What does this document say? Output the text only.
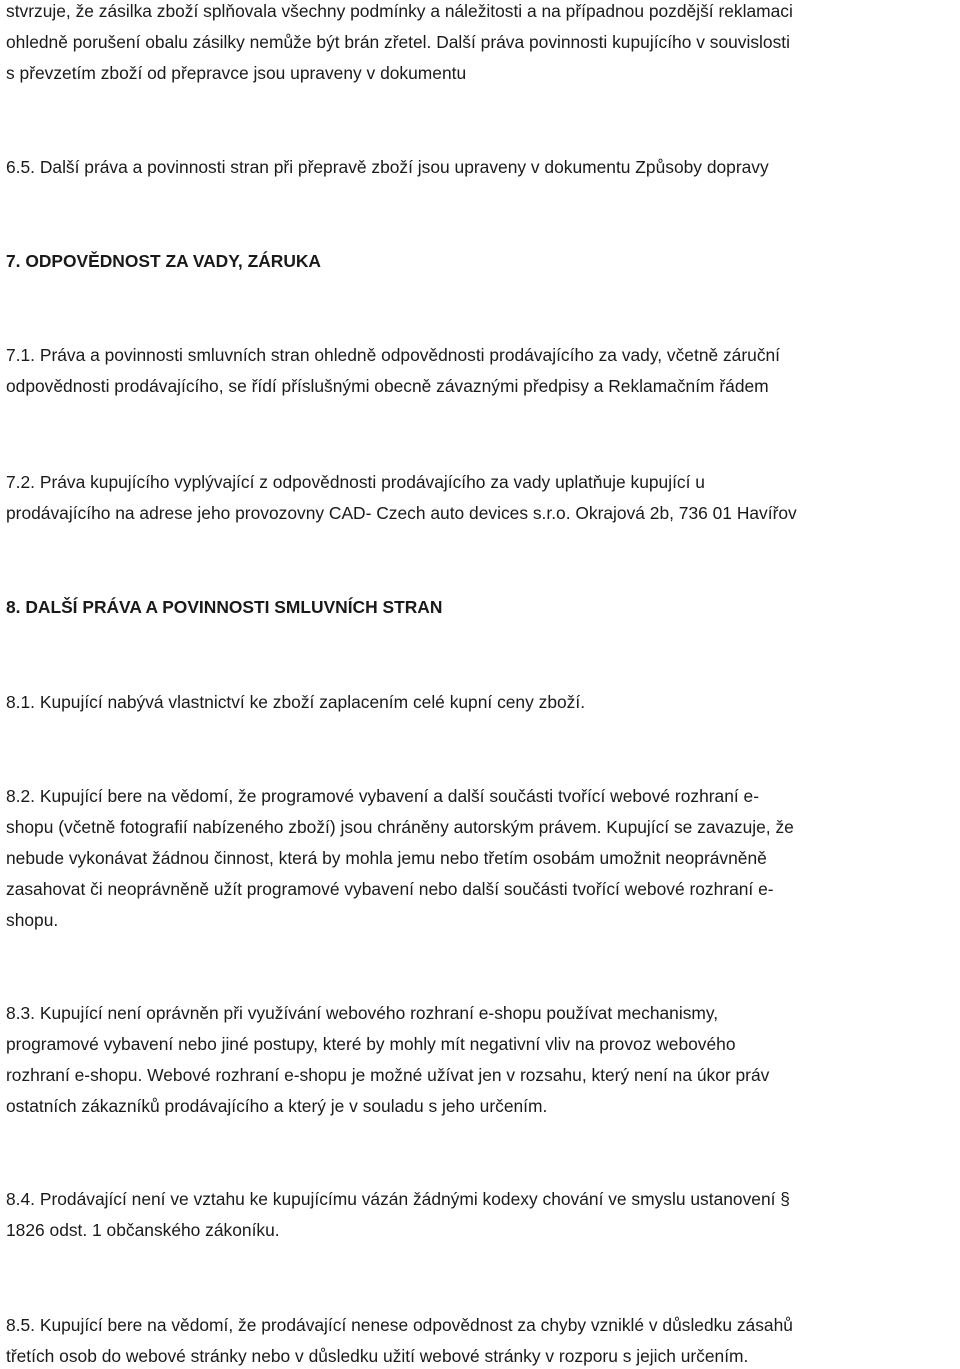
stvrzuje, že zásilka zboží splňovala všechny podmínky a náležitosti a na případnou pozdější reklamaci
ohledně porušení obalu zásilky nemůže být brán zřetel. Další práva povinnosti kupujícího v souvislosti
s převzetím zboží od přepravce jsou upraveny v dokumentu
6.5. Další práva a povinnosti stran při přepravě zboží jsou upraveny v dokumentu Způsoby dopravy
7. ODPOVĚDNOST ZA VADY, ZÁRUKA
7.1. Práva a povinnosti smluvních stran ohledně odpovědnosti prodávajícího za vady, včetně záruční
odpovědnosti prodávajícího, se řídí příslušnými obecně závaznými předpisy a Reklamačním řádem
7.2. Práva kupujícího vyplývající z odpovědnosti prodávajícího za vady uplatňuje kupující u
prodávajícího na adrese jeho provozovny CAD- Czech auto devices s.r.o. Okrajová 2b, 736 01 Havířov
8. DALŠÍ PRÁVA A POVINNOSTI SMLUVNÍCH STRAN
8.1. Kupující nabývá vlastnictví ke zboží zaplacením celé kupní ceny zboží.
8.2. Kupující bere na vědomí, že programové vybavení a další součásti tvořící webové rozhraní e-
shopu (včetně fotografií nabízeného zboží) jsou chráněny autorským právem. Kupující se zavazuje, že
nebude vykonávat žádnou činnost, která by mohla jemu nebo třetím osobám umožnit neoprávněně
zasahovat či neoprávněně užít programové vybavení nebo další součásti tvořící webové rozhraní e-
shopu.
8.3. Kupující není oprávněn při využívání webového rozhraní e-shopu používat mechanismy,
programové vybavení nebo jiné postupy, které by mohly mít negativní vliv na provoz webového
rozhraní e-shopu. Webové rozhraní e-shopu je možné užívat jen v rozsahu, který není na úkor práv
ostatních zákazníků prodávajícího a který je v souladu s jeho určením.
8.4. Prodávající není ve vztahu ke kupujícímu vázán žádnými kodexy chování ve smyslu ustanovení §
1826 odst. 1 občanského zákoníku.
8.5. Kupující bere na vědomí, že prodávající nenese odpovědnost za chyby vzniklé v důsledku zásahů
třetích osob do webové stránky nebo v důsledku užití webové stránky v rozporu s jejich určením.
